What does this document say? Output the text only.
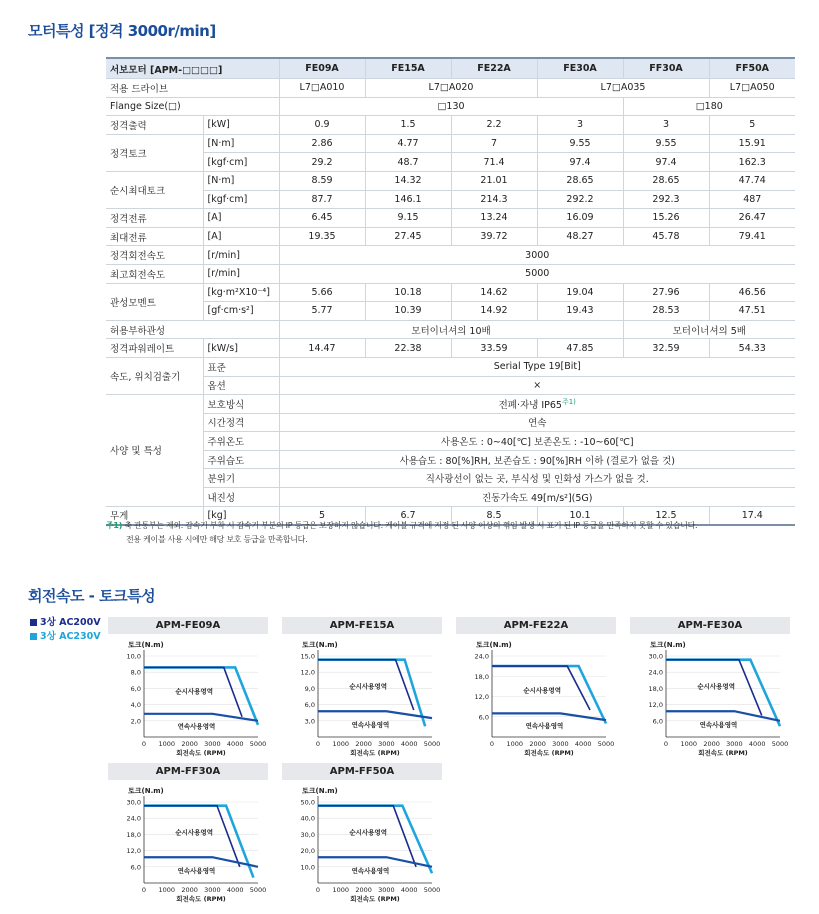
모터특성 [정격 3000r/min]
서보모터 [APM-□□□□]		FE09A	FE15A	FE22A	FE30A	FF30A	FF50A
적용 드라이브		L7□A010	L7□A020		L7□A035		L7□A050
Flange Size(□)		□130				□180	
정격출력	[kW]	0.9	1.5	2.2	3	3	5
정격토크	[N·m]	2.86	4.77	7	9.55	9.55	15.91
	[kgf·cm]	29.2	48.7	71.4	97.4	97.4	162.3
순시최대토크	[N·m]	8.59	14.32	21.01	28.65	28.65	47.74
	[kgf·cm]	87.7	146.1	214.3	292.2	292.3	487
정격전류	[A]	6.45	9.15	13.24	16.09	15.26	26.47
최대전류	[A]	19.35	27.45	39.72	48.27	45.78	79.41
정격회전속도	[r/min]	3000					
최고회전속도	[r/min]	5000					
관성모멘트	[kg·m²X10⁻⁴]	5.66	10.18	14.62	19.04	27.96	46.56
	[gf·cm·s²]	5.77	10.39	14.92	19.43	28.53	47.51
허용부하관성		모터이너셔의 10배				모터이너셔의 5배	
정격파워레이트	[kW/s]	14.47	22.38	33.59	47.85	32.59	54.33
속도, 위치검출기	표준	Serial Type 19[Bit]					
	옵션	×					
사양 및 특성	보호방식	전폐·자냉 $IP65^{주1)}$
	시간정격	연속					
	주위온도	사용온도 : 0~40[℃] 보존온도 : -10~60[℃]					
	주위습도	사용습도 : 80[%]RH, 보존습도 : 90[%]RH 이하 (결로가 없을 것)					
	분위기	직사광선이 없는 곳, 부식성 및 인화성 가스가 없을 것.					
	내진성	진동가속도 49[m/s²](5G)					
무게	[kg]	5	6.7	8.5	10.1	12.5	17.4
주1) 축 관통부는 제외. 감속기 부착 시 감속기 부분의 IP 등급은 보장하지 않습니다. 케이블 규격에 지정 된 사양 이상의 꺾임 발생 시 표기 된 IP 등급을 만족하지 못할 수 있습니다.
전용 케이블 사용 시에만 해당 보호 등급을 만족합니다.
회전속도 - 토크특성
3상 AC200V
3상 AC230V
APM-FE09A
토크(N.m)
2,0
4,0
6,0
8,0
10,0
0 1000 2000 3000 4000 5000
회전속도 (RPM)
순시사용영역
연속사용영역
APM-FE15A
토크(N.m)
3,0
6,0
9,0
12,0
15,0
0 1000 2000 3000 4000 5000
회전속도 (RPM)
순시사용영역
연속사용영역
APM-FE22A
토크(N.m)
6,0
12,0
18,0
24,0
0 1000 2000 3000 4000 5000
회전속도 (RPM)
순시사용영역
연속사용영역
APM-FE30A
토크(N.m)
6,0
12,0
18,0
24,0
30,0
0 1000 2000 3000 4000 5000
회전속도 (RPM)
순시사용영역
연속사용영역
APM-FF30A
토크(N.m)
6,0
12,0
18,0
24,0
30,0
0 1000 2000 3000 4000 5000
회전속도 (RPM)
순시사용영역
연속사용영역
APM-FF50A
토크(N.m)
10,0
20,0
30,0
40,0
50,0
0 1000 2000 3000 4000 5000
회전속도 (RPM)
순시사용영역
연속사용영역
